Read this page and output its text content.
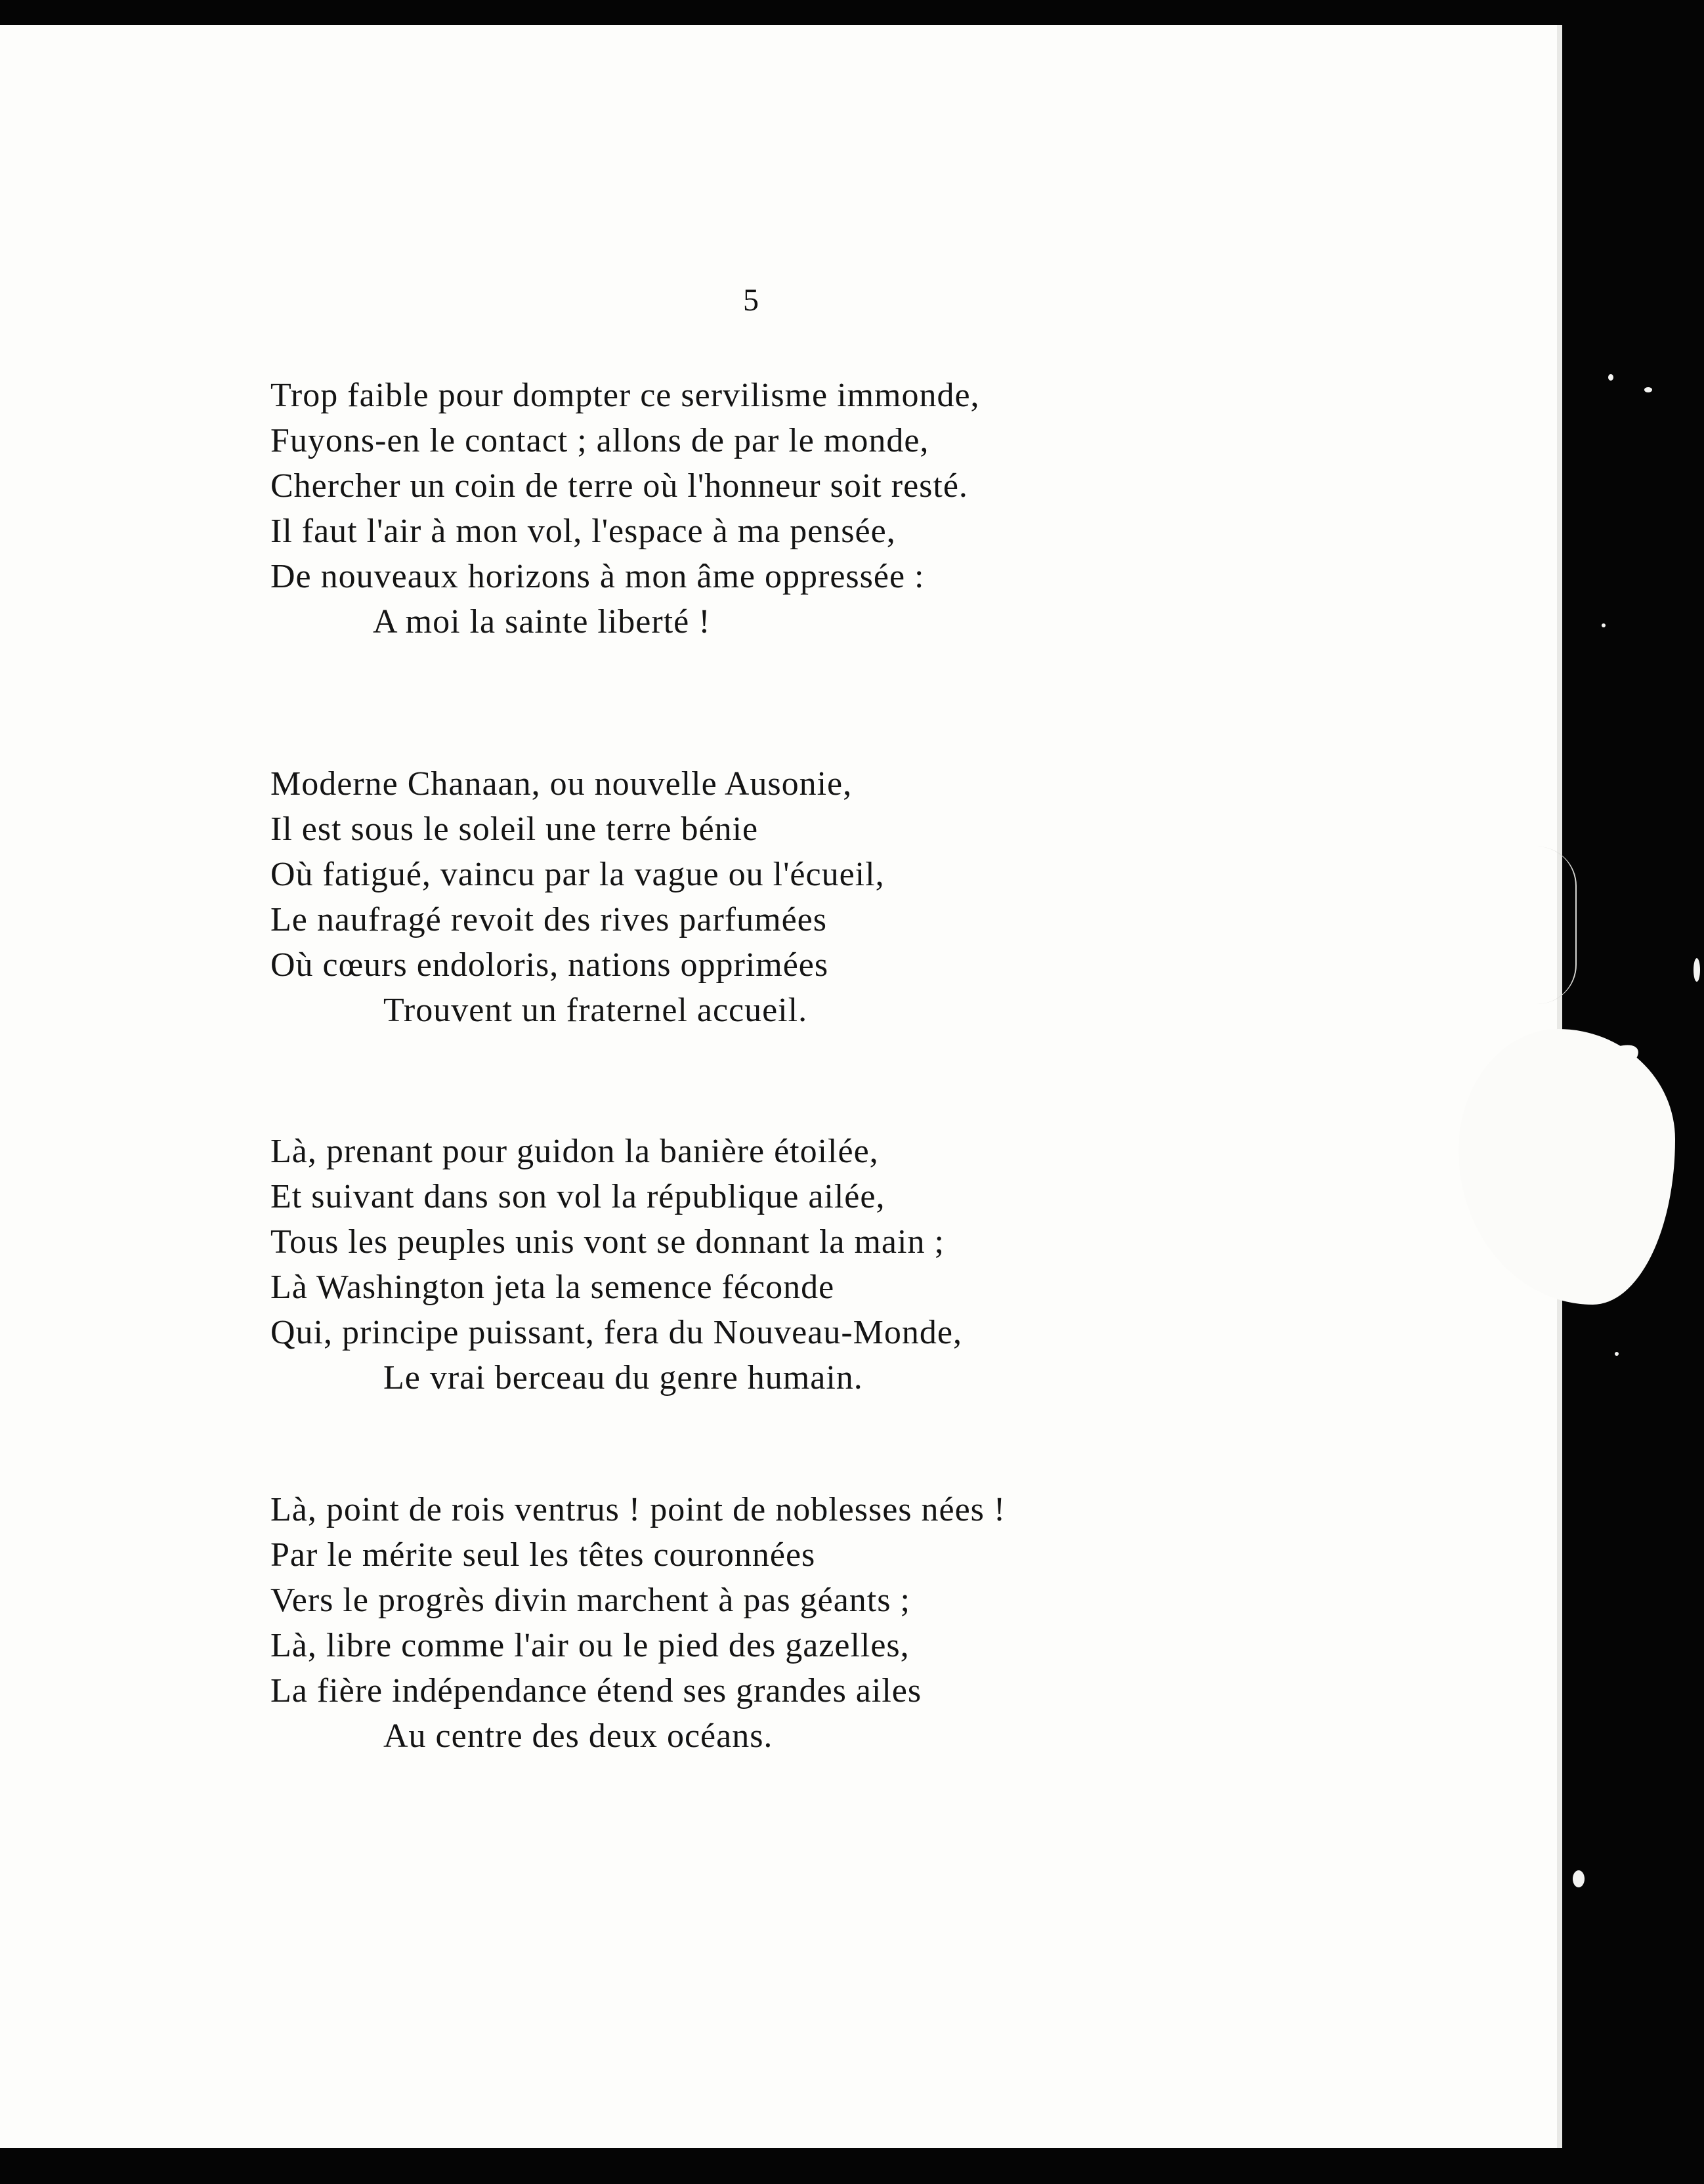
5
Trop faible pour dompter ce servilisme immonde,
Fuyons-en le contact ; allons de par le monde,
Chercher un coin de terre où l'honneur soit resté.
Il faut l'air à mon vol, l'espace à ma pensée,
De nouveaux horizons à mon âme oppressée :
A moi la sainte liberté !
Moderne Chanaan, ou nouvelle Ausonie,
Il est sous le soleil une terre bénie
Où fatigué, vaincu par la vague ou l'écueil,
Le naufragé revoit des rives parfumées
Où cœurs endoloris, nations opprimées
Trouvent un fraternel accueil.
Là, prenant pour guidon la banière étoilée,
Et suivant dans son vol la république ailée,
Tous les peuples unis vont se donnant la main ;
Là Washington jeta la semence féconde
Qui, principe puissant, fera du Nouveau-Monde,
Le vrai berceau du genre humain.
Là, point de rois ventrus ! point de noblesses nées !
Par le mérite seul les têtes couronnées
Vers le progrès divin marchent à pas géants ;
Là, libre comme l'air ou le pied des gazelles,
La fière indépendance étend ses grandes ailes
Au centre des deux océans.
